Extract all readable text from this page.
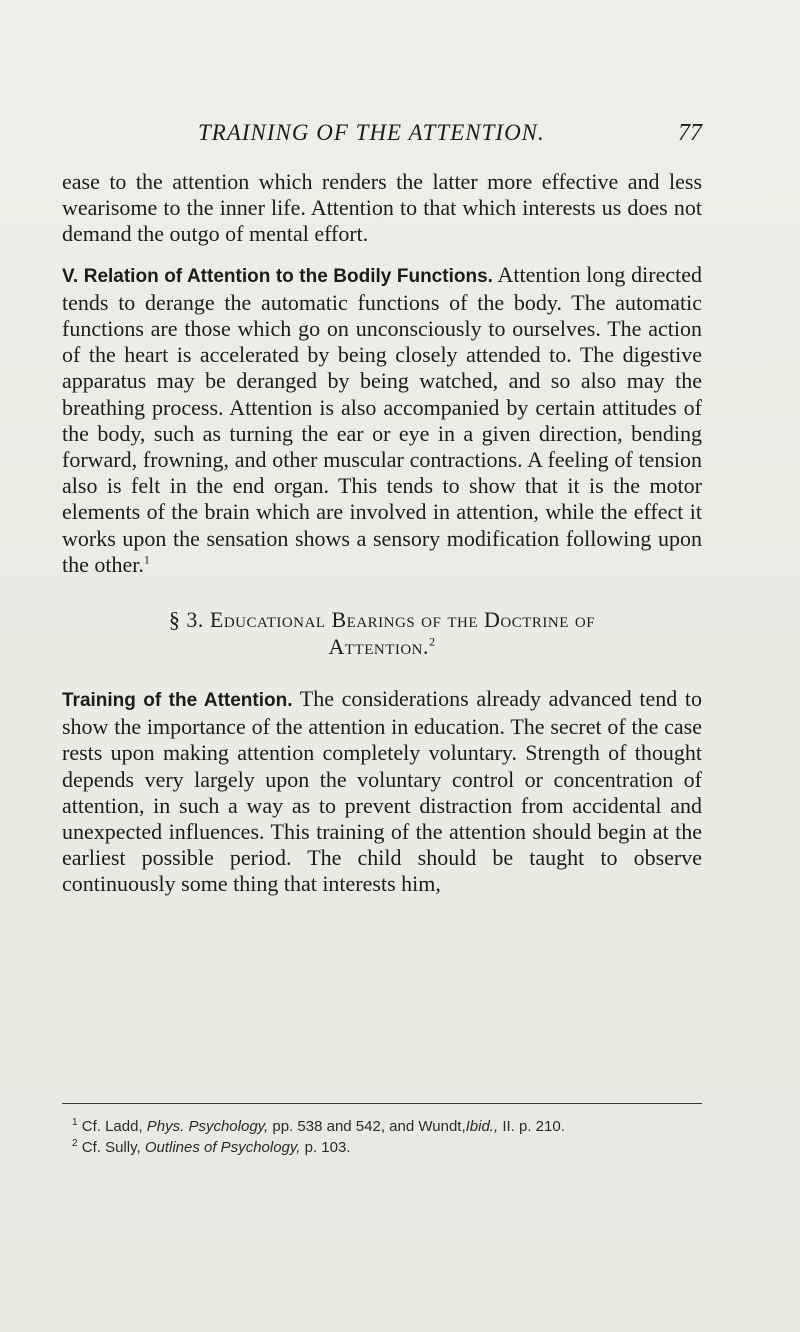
TRAINING OF THE ATTENTION.	77

ease to the attention which renders the latter more effective and less wearisome to the inner life. Attention to that which interests us does not demand the outgo of mental effort.

V. Relation of Attention to the Bodily Functions. Attention long directed tends to derange the automatic functions of the body. The automatic functions are those which go on unconsciously to ourselves. The action of the heart is accelerated by being closely attended to. The digestive apparatus may be deranged by being watched, and so also may the breathing process. Attention is also accompanied by certain attitudes of the body, such as turning the ear or eye in a given direction, bending forward, frowning, and other muscular contractions. A feeling of tension also is felt in the end organ. This tends to show that it is the motor elements of the brain which are involved in attention, while the effect it works upon the sensation shows a sensory modification following upon the other.$^1$

§ 3. Educational Bearings of the Doctrine of
Attention.$^2$

Training of the Attention. The considerations already advanced tend to show the importance of the attention in education. The secret of the case rests upon making attention completely voluntary. Strength of thought depends very largely upon the voluntary control or concentration of attention, in such a way as to prevent distraction from accidental and unexpected influences. This training of the attention should begin at the earliest possible period. The child should be taught to observe continuously some thing that interests him,

$^1$ Cf. Ladd, Phys. Psychology, pp. 538 and 542, and Wundt,Ibid., II. p. 210.

$^2$ Cf. Sully, Outlines of Psychology, p. 103.
